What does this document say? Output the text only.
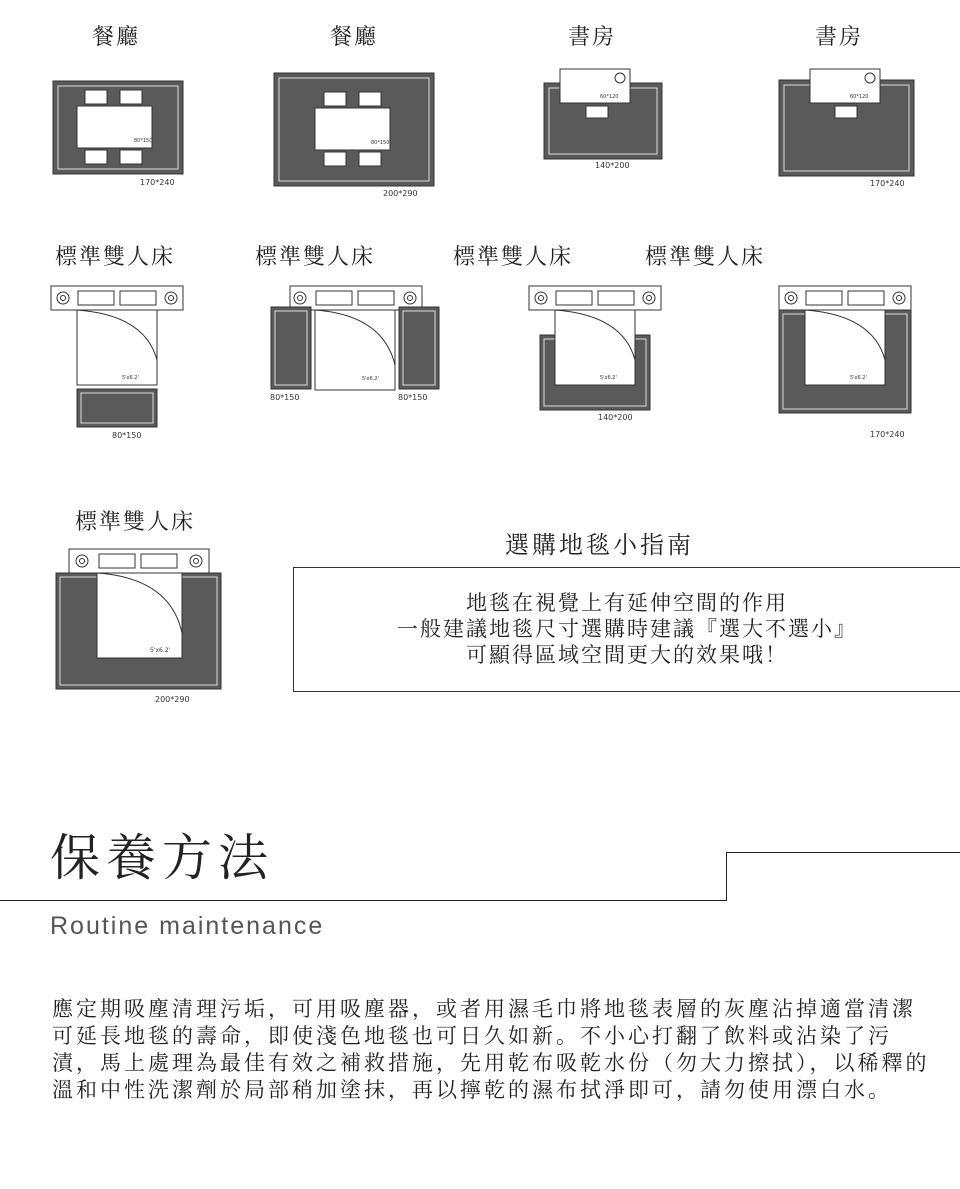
餐廳	餐廳	書房	書房
標準雙人床	標準雙人床	標準雙人床	標準雙人床
標準雙人床
80*150
170*240
80*150
200*290
60*120
140*200
60*120
170*240
5'x6.2'
80*150
5'x6.2'
80*150	80*150
5'x6.2'
140*200
5'x6.2'
170*240
5'x6.2'
200*290
選購地毯小指南
地毯在視覺上有延伸空間的作用
一般建議地毯尺寸選購時建議『選大不選小』
可顯得區域空間更大的效果哦！
保養方法
Routine maintenance
應定期吸塵清理污垢，可用吸塵器，或者用濕毛巾將地毯表層的灰塵沾掉適當清潔可延長地毯的壽命，即使淺色地毯也可日久如新。不小心打翻了飲料或沾染了污漬，馬上處理為最佳有效之補救措施，先用乾布吸乾水份（勿大力擦拭），以稀釋的溫和中性洗潔劑於局部稍加塗抹，再以擰乾的濕布拭淨即可，請勿使用漂白水。
